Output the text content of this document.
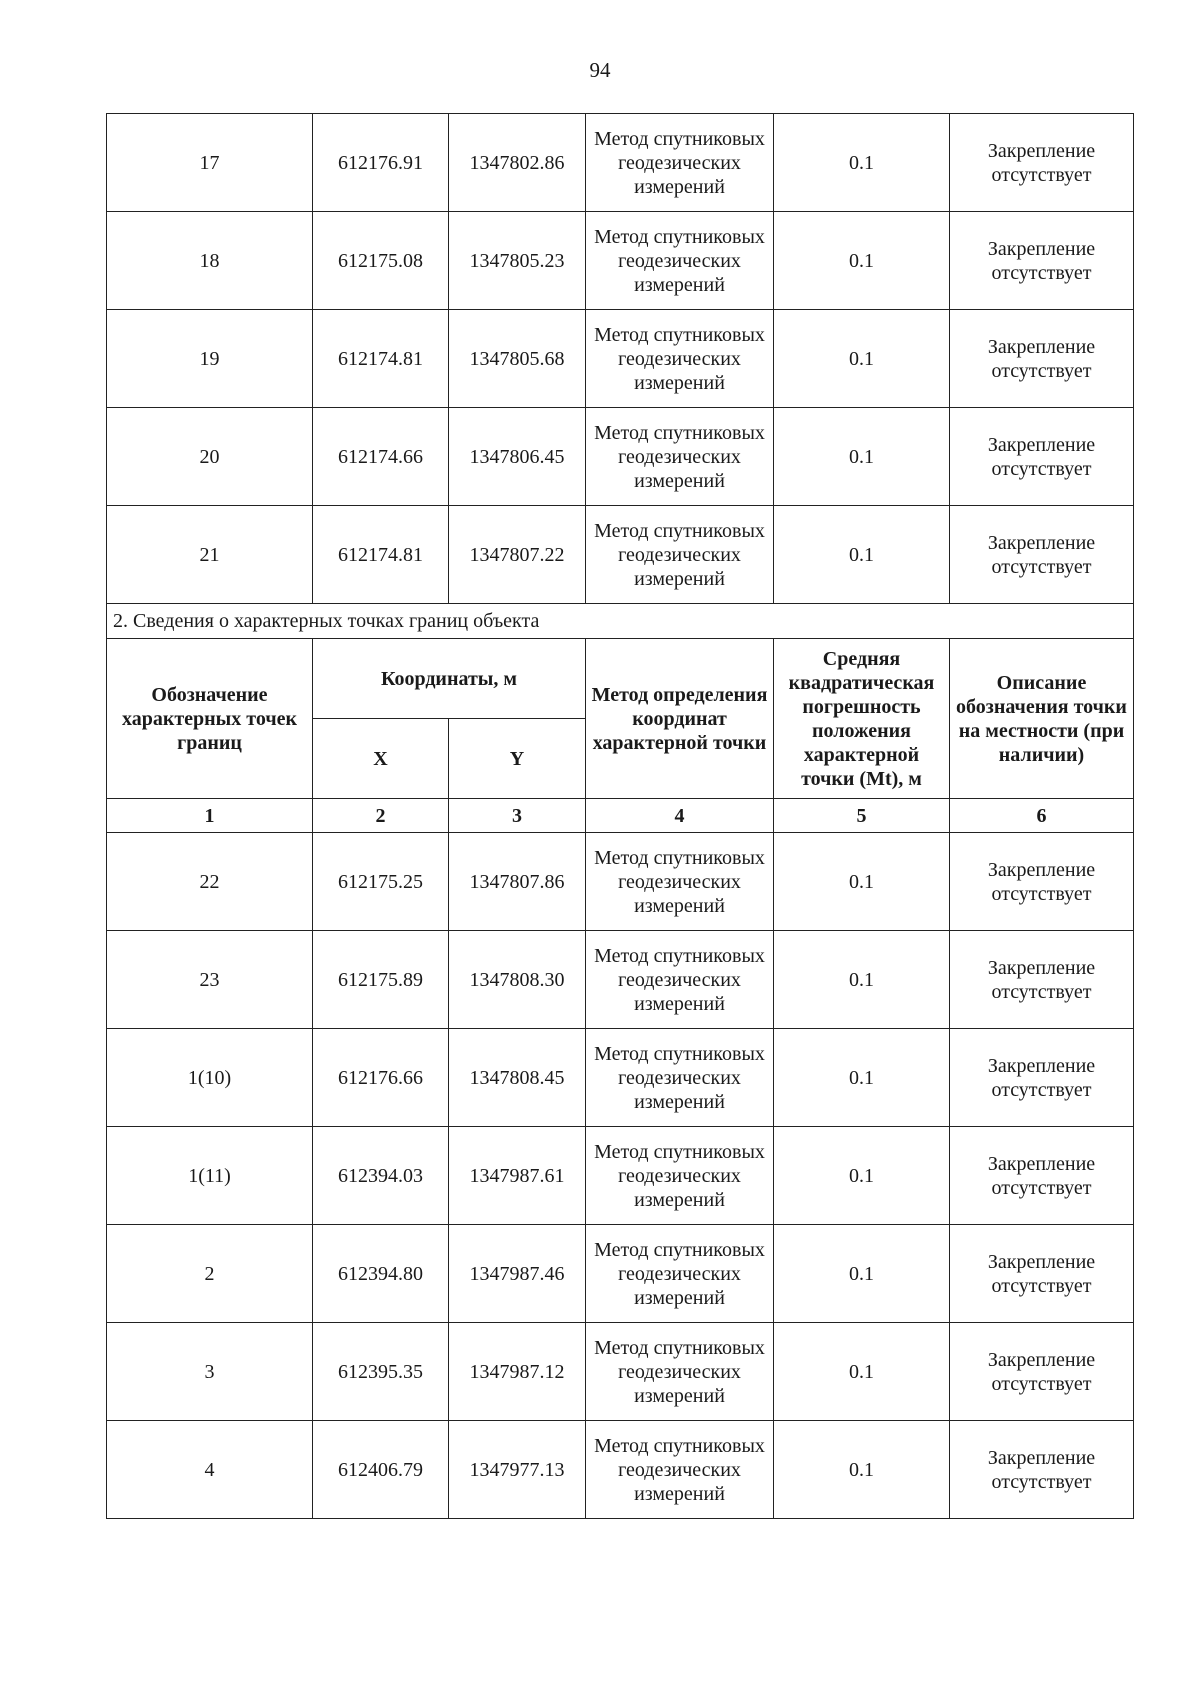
94
17	612176.91	1347802.86	Метод спутниковых геодезических измерений	0.1	Закрепление отсутствует
18	612175.08	1347805.23	Метод спутниковых геодезических измерений	0.1	Закрепление отсутствует
19	612174.81	1347805.68	Метод спутниковых геодезических измерений	0.1	Закрепление отсутствует
20	612174.66	1347806.45	Метод спутниковых геодезических измерений	0.1	Закрепление отсутствует
21	612174.81	1347807.22	Метод спутниковых геодезических измерений	0.1	Закрепление отсутствует
2. Сведения о характерных точках границ объекта					
Обозначение характерных точек границ	Координаты, м		Метод определения координат характерной точки	Средняя квадратическая погрешность положения характерной точки (Mt), м	Описание обозначения точки на местности (при наличии)
	X	Y			
1	2	3	4	5	6
22	612175.25	1347807.86	Метод спутниковых геодезических измерений	0.1	Закрепление отсутствует
23	612175.89	1347808.30	Метод спутниковых геодезических измерений	0.1	Закрепление отсутствует
1(10)	612176.66	1347808.45	Метод спутниковых геодезических измерений	0.1	Закрепление отсутствует
1(11)	612394.03	1347987.61	Метод спутниковых геодезических измерений	0.1	Закрепление отсутствует
2	612394.80	1347987.46	Метод спутниковых геодезических измерений	0.1	Закрепление отсутствует
3	612395.35	1347987.12	Метод спутниковых геодезических измерений	0.1	Закрепление отсутствует
4	612406.79	1347977.13	Метод спутниковых геодезических измерений	0.1	Закрепление отсутствует
